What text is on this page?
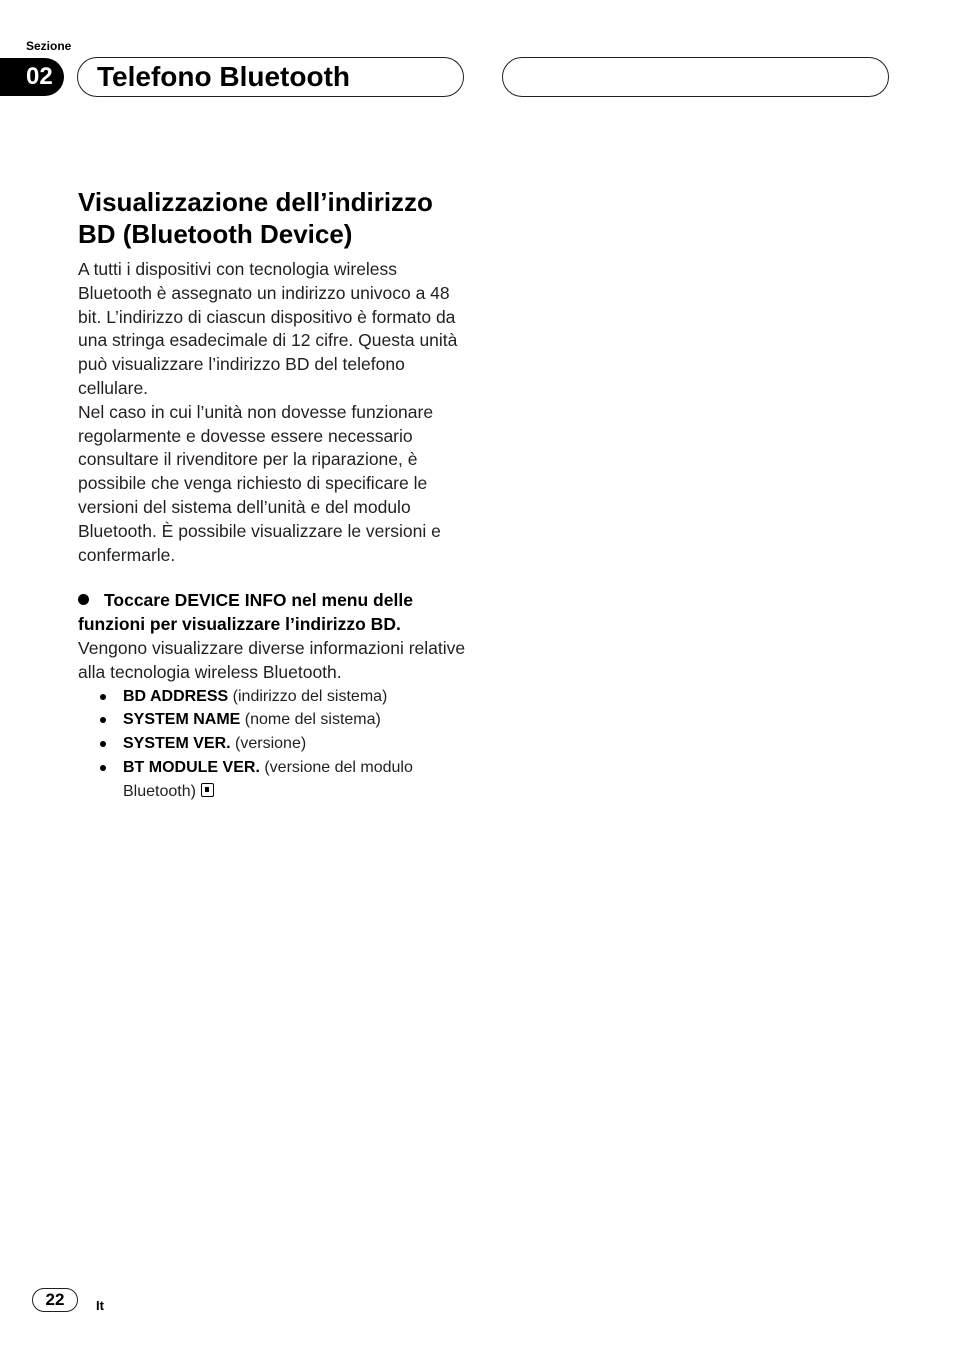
Sezione
02	Telefono Bluetooth
Visualizzazione dell’indirizzo
BD (Bluetooth Device)

A tutti i dispositivi con tecnologia wireless Bluetooth è assegnato un indirizzo univoco a 48 bit. L’indirizzo di ciascun dispositivo è formato da una stringa esadecimale di 12 cifre. Questa unità può visualizzare l’indirizzo BD del telefono cellulare.
Nel caso in cui l’unità non dovesse funzionare regolarmente e dovesse essere necessario consultare il rivenditore per la riparazione, è possibile che venga richiesto di specificare le versioni del sistema dell’unità e del modulo Bluetooth. È possibile visualizzare le versioni e confermarle.

Toccare DEVICE INFO nel menu delle funzioni per visualizzare l’indirizzo BD.

Vengono visualizzare diverse informazioni relative alla tecnologia wireless Bluetooth.

BD ADDRESS (indirizzo del sistema)
SYSTEM NAME (nome del sistema)
SYSTEM VER. (versione)
BT MODULE VER. (versione del modulo Bluetooth)
22	It
